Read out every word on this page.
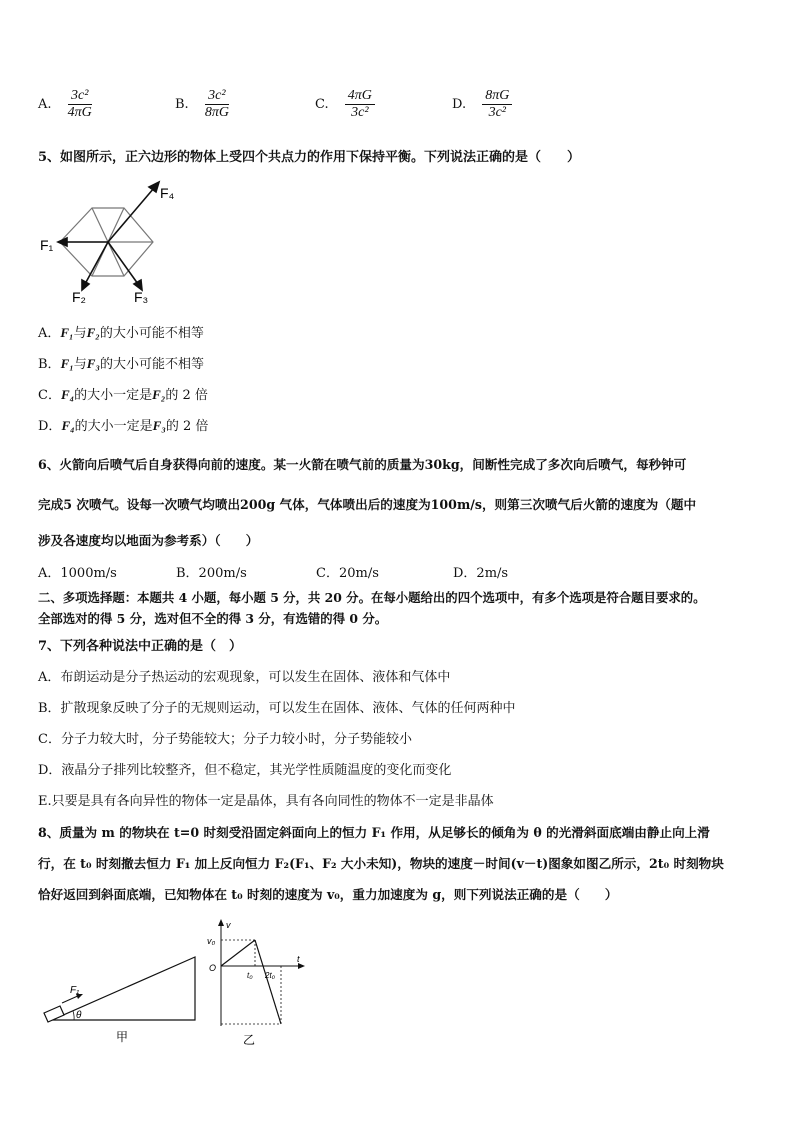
A. $\frac{\text{3c²}}{4\pi G}$	B. $\frac{\text{3c²}}{8\pi G}$	C. $\frac{4\pi G}{\text{3c²}}$	D. $\frac{8\pi G}{\text{3c²}}$
5、如图所示，正六边形的物体上受四个共点力的作用下保持平衡。下列说法正确的是（　　）
F₁
F₂	F₃
F₄
A．F₁与F₂的大小可能不相等
B．F₁与F₃的大小可能不相等
C．F₄的大小一定是F₂的 2 倍
D．F₄的大小一定是F₃的 2 倍
6、火箭向后喷气后自身获得向前的速度。某一火箭在喷气前的质量为30kg，间断性完成了多次向后喷气，每秒钟可
完成5 次喷气。设每一次喷气均喷出200g 气体，气体喷出后的速度为100m/s，则第三次喷气后火箭的速度为（题中
涉及各速度均以地面为参考系）（　　）
A．1000m/s	B．200m/s	C．20m/s	D．2m/s
二、多项选择题：本题共 4 小题，每小题 5 分，共 20 分。在每小题给出的四个选项中，有多个选项是符合题目要求的。
全部选对的得 5 分，选对但不全的得 3 分，有选错的得 0 分。
7、下列各种说法中正确的是（　）
A．布朗运动是分子热运动的宏观现象，可以发生在固体、液体和气体中
B．扩散现象反映了分子的无规则运动，可以发生在固体、液体、气体的任何两种中
C．分子力较大时，分子势能较大；分子力较小时，分子势能较小
D．液晶分子排列比较整齐，但不稳定，其光学性质随温度的变化而变化
E.只要是具有各向异性的物体一定是晶体，具有各向同性的物体不一定是非晶体
8、质量为 m 的物块在 t=0 时刻受沿固定斜面向上的恒力 F₁ 作用，从足够长的倾角为 θ 的光滑斜面底端由静止向上滑
行，在 t₀ 时刻撤去恒力 F₁ 加上反向恒力 F₂(F₁、F₂ 大小未知)，物块的速度－时间(v－t)图象如图乙所示，2t₀ 时刻物块
恰好返回到斜面底端，已知物体在 t₀ 时刻的速度为 v₀，重力加速度为 g，则下列说法正确的是（　　）
F₁
θ
甲
v
v₀
O
t₀ 2t₀
t
乙
